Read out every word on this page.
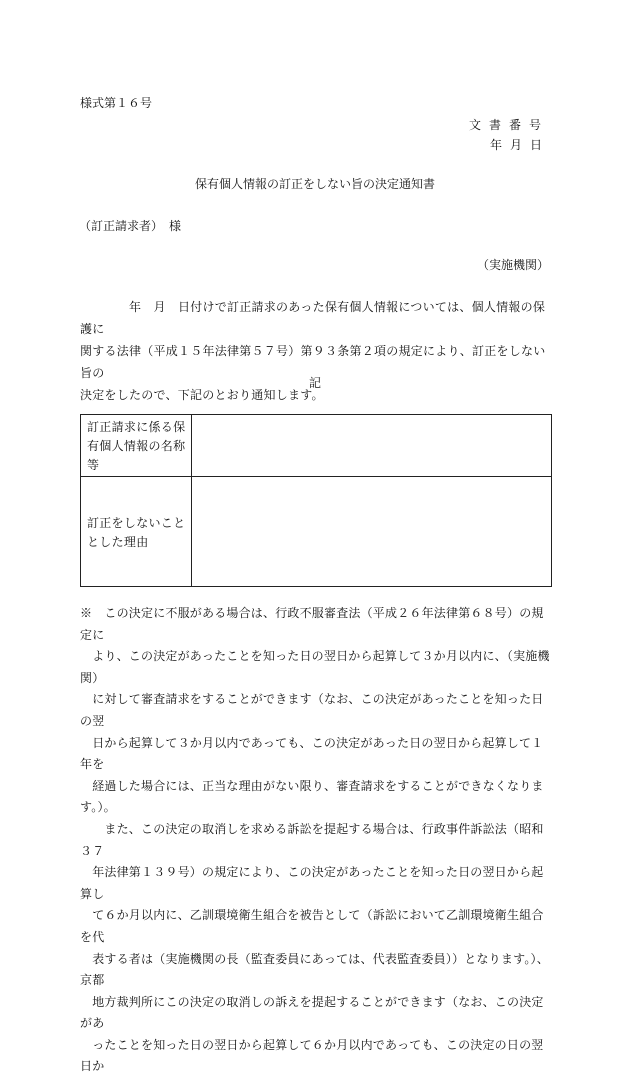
様式第１６号
文書番号
年月日
保有個人情報の訂正をしない旨の決定通知書
（訂正請求者）　様
（実施機関）
　　　　年　月　日付けで訂正請求のあった保有個人情報については、個人情報の保護に
関する法律（平成１５年法律第５７号）第９３条第２項の規定により、訂正をしない旨の
決定をしたので、下記のとおり通知します。
記
訂正請求に係る保
有個人情報の名称
等
訂正をしないこと
とした理由
※　この決定に不服がある場合は、行政不服審査法（平成２６年法律第６８号）の規定に
　より、この決定があったことを知った日の翌日から起算して３か月以内に、（実施機関）
　に対して審査請求をすることができます（なお、この決定があったことを知った日の翌
　日から起算して３か月以内であっても、この決定があった日の翌日から起算して１年を
　経過した場合には、正当な理由がない限り、審査請求をすることができなくなります。）。
　　また、この決定の取消しを求める訴訟を提起する場合は、行政事件訴訟法（昭和３７
　年法律第１３９号）の規定により、この決定があったことを知った日の翌日から起算し
　て６か月以内に、乙訓環境衛生組合を被告として（訴訟において乙訓環境衛生組合を代
　表する者は（実施機関の長（監査委員にあっては、代表監査委員））となります。）、京都
　地方裁判所にこの決定の取消しの訴えを提起することができます（なお、この決定があ
　ったことを知った日の翌日から起算して６か月以内であっても、この決定の日の翌日か
